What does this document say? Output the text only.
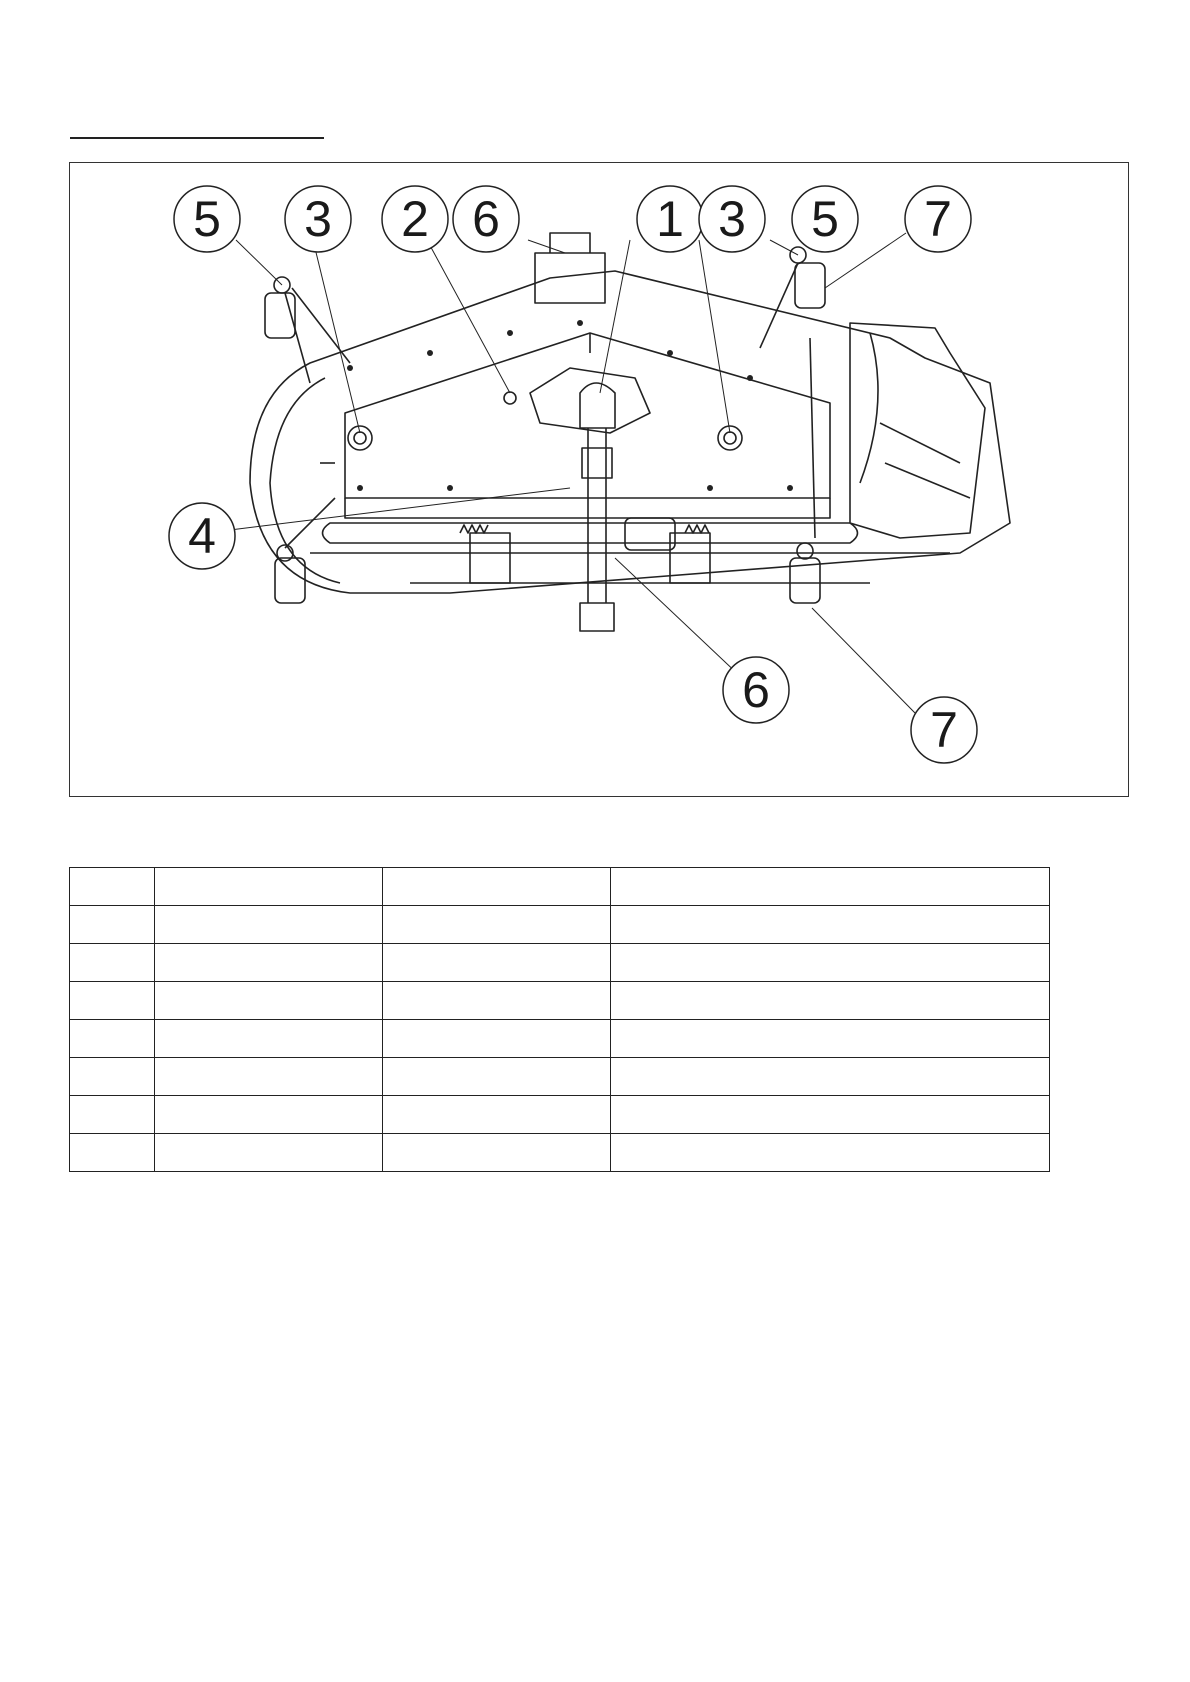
5 3 2 6	1 3 5 7
4
6
7
